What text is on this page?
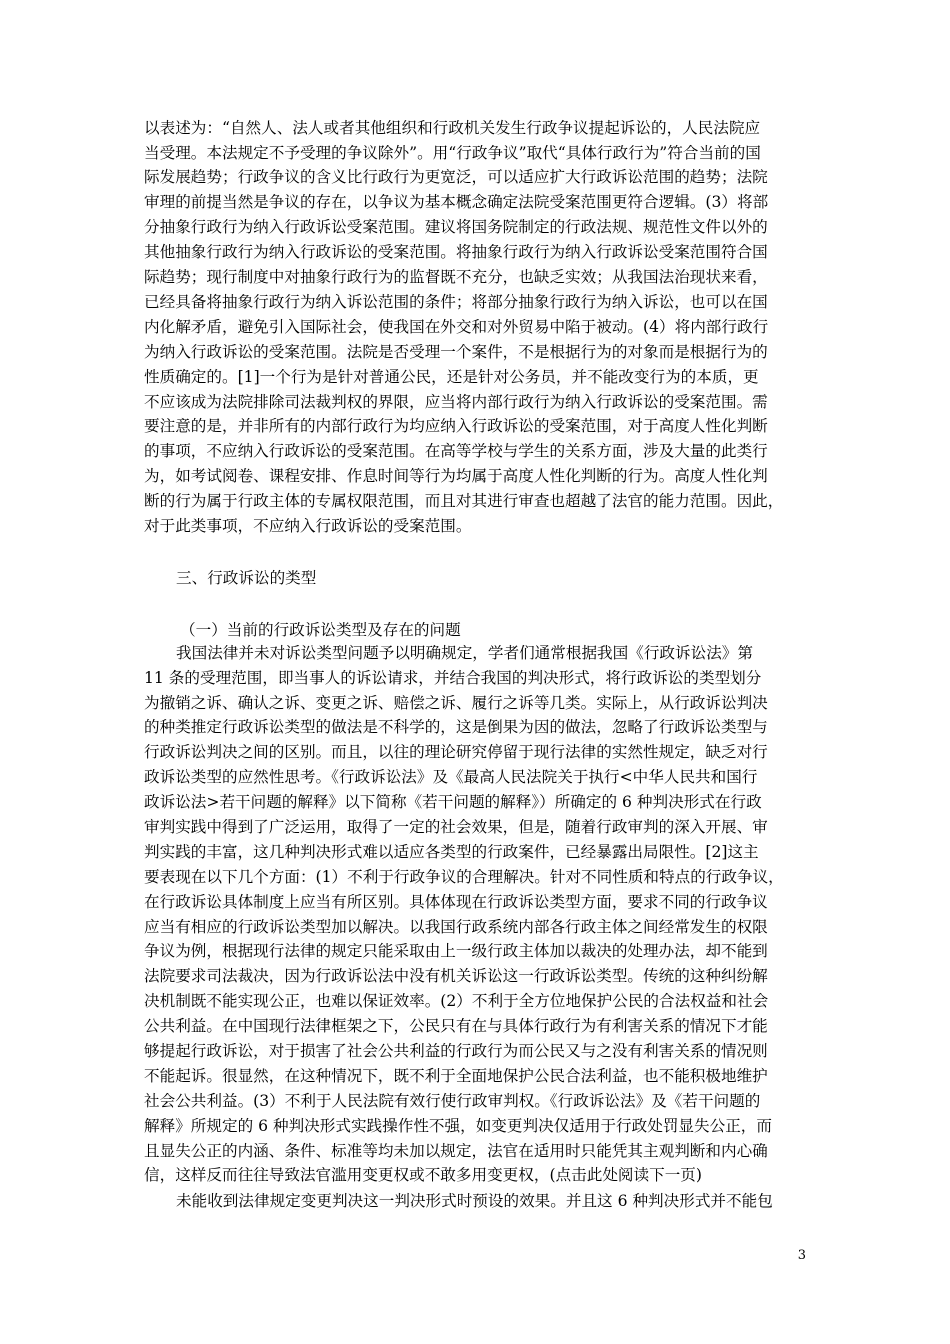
以表述为：“自然人、法人或者其他组织和行政机关发生行政争议提起诉讼的，人民法院应
当受理。本法规定不予受理的争议除外”。用“行政争议”取代“具体行政行为”符合当前的国
际发展趋势；行政争议的含义比行政行为更宽泛，可以适应扩大行政诉讼范围的趋势；法院
审理的前提当然是争议的存在，以争议为基本概念确定法院受案范围更符合逻辑。(3）将部
分抽象行政行为纳入行政诉讼受案范围。建议将国务院制定的行政法规、规范性文件以外的
其他抽象行政行为纳入行政诉讼的受案范围。将抽象行政行为纳入行政诉讼受案范围符合国
际趋势；现行制度中对抽象行政行为的监督既不充分，也缺乏实效；从我国法治现状来看，
已经具备将抽象行政行为纳入诉讼范围的条件；将部分抽象行政行为纳入诉讼，也可以在国
内化解矛盾，避免引入国际社会，使我国在外交和对外贸易中陷于被动。(4）将内部行政行
为纳入行政诉讼的受案范围。法院是否受理一个案件，不是根据行为的对象而是根据行为的
性质确定的。[1]一个行为是针对普通公民，还是针对公务员，并不能改变行为的本质，更
不应该成为法院排除司法裁判权的界限，应当将内部行政行为纳入行政诉讼的受案范围。需
要注意的是，并非所有的内部行政行为均应纳入行政诉讼的受案范围，对于高度人性化判断
的事项，不应纳入行政诉讼的受案范围。在高等学校与学生的关系方面，涉及大量的此类行
为，如考试阅卷、课程安排、作息时间等行为均属于高度人性化判断的行为。高度人性化判
断的行为属于行政主体的专属权限范围，而且对其进行审查也超越了法官的能力范围。因此，
对于此类事项，不应纳入行政诉讼的受案范围。
三、行政诉讼的类型
（一）当前的行政诉讼类型及存在的问题
我国法律并未对诉讼类型问题予以明确规定，学者们通常根据我国《行政诉讼法》第
11 条的受理范围，即当事人的诉讼请求，并结合我国的判决形式，将行政诉讼的类型划分
为撤销之诉、确认之诉、变更之诉、赔偿之诉、履行之诉等几类。实际上，从行政诉讼判决
的种类推定行政诉讼类型的做法是不科学的，这是倒果为因的做法，忽略了行政诉讼类型与
行政诉讼判决之间的区别。而且，以往的理论研究停留于现行法律的实然性规定，缺乏对行
政诉讼类型的应然性思考。《行政诉讼法》及《最高人民法院关于执行<中华人民共和国行
政诉讼法>若干问题的解释》以下简称《若干问题的解释》）所确定的 6 种判决形式在行政
审判实践中得到了广泛运用，取得了一定的社会效果，但是，随着行政审判的深入开展、审
判实践的丰富，这几种判决形式难以适应各类型的行政案件，已经暴露出局限性。[2]这主
要表现在以下几个方面：(1）不利于行政争议的合理解决。针对不同性质和特点的行政争议，
在行政诉讼具体制度上应当有所区别。具体体现在行政诉讼类型方面，要求不同的行政争议
应当有相应的行政诉讼类型加以解决。以我国行政系统内部各行政主体之间经常发生的权限
争议为例，根据现行法律的规定只能采取由上一级行政主体加以裁决的处理办法，却不能到
法院要求司法裁决，因为行政诉讼法中没有机关诉讼这一行政诉讼类型。传统的这种纠纷解
决机制既不能实现公正，也难以保证效率。(2）不利于全方位地保护公民的合法权益和社会
公共利益。在中国现行法律框架之下，公民只有在与具体行政行为有利害关系的情况下才能
够提起行政诉讼，对于损害了社会公共利益的行政行为而公民又与之没有利害关系的情况则
不能起诉。很显然，在这种情况下，既不利于全面地保护公民合法利益，也不能积极地维护
社会公共利益。(3）不利于人民法院有效行使行政审判权。《行政诉讼法》及《若干问题的
解释》所规定的 6 种判决形式实践操作性不强，如变更判决仅适用于行政处罚显失公正，而
且显失公正的内涵、条件、标准等均未加以规定，法官在适用时只能凭其主观判断和内心确
信，这样反而往往导致法官滥用变更权或不敢多用变更权，(点击此处阅读下一页)
未能收到法律规定变更判决这一判决形式时预设的效果。并且这 6 种判决形式并不能包
3
